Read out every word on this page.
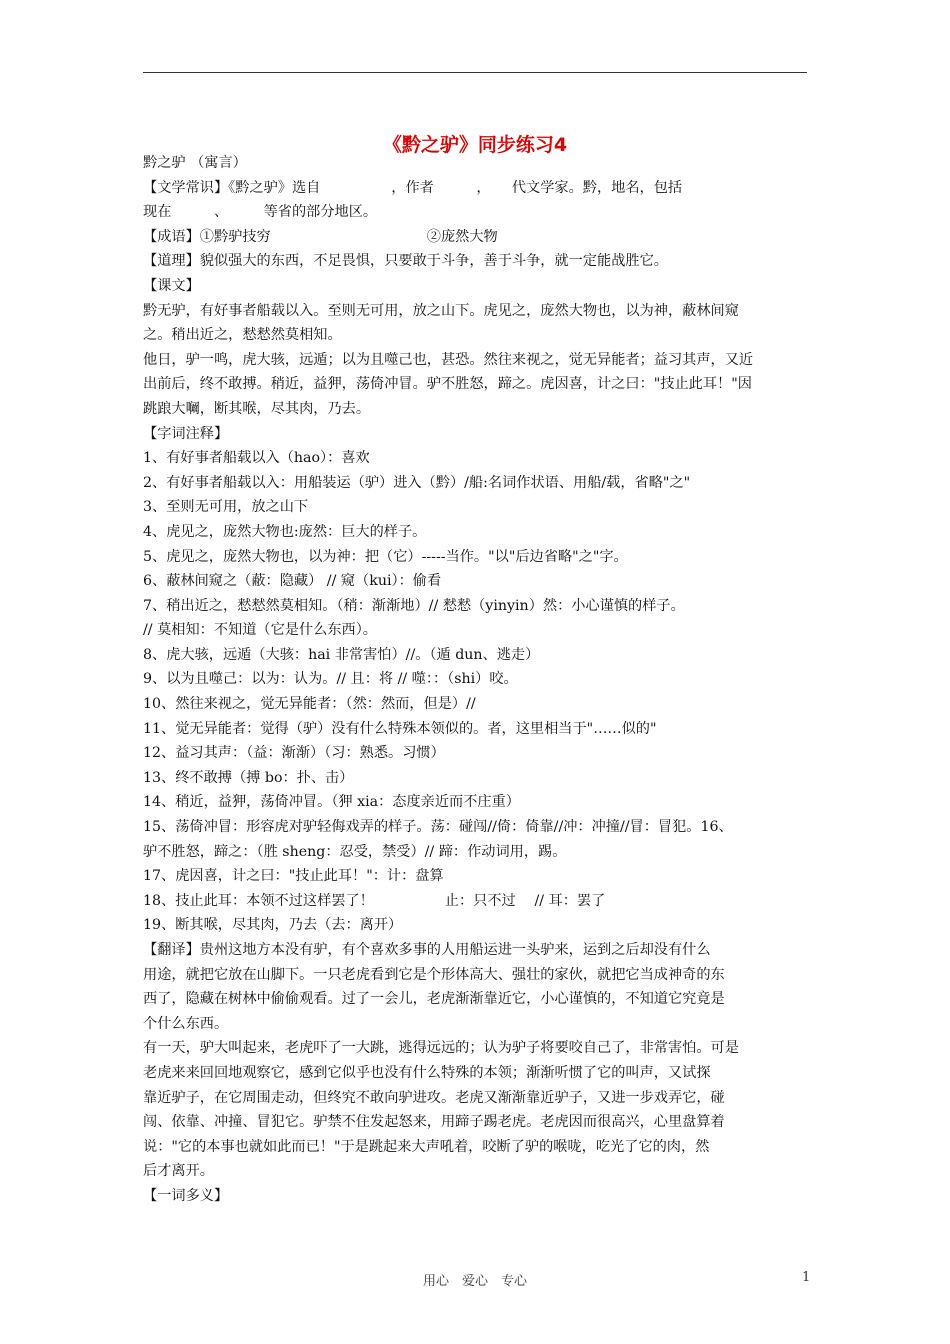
《黔之驴》同步练习4
黔之驴 （寓言）
【文学常识】《黔之驴》选自　　　　　，作者　　　，　　代文学家。黔，地名，包括
现在　　　、　　　等省的部分地区。
【成语】①黔驴技穷　　　　　　　　　　　②庞然大物
【道理】貌似强大的东西，不足畏惧，只要敢于斗争，善于斗争，就一定能战胜它。
【课文】
黔无驴，有好事者船载以入。至则无可用，放之山下。虎见之，庞然大物也，以为神，蔽林间窥
之。稍出近之，慭慭然莫相知。
他日，驴一鸣，虎大骇，远遁；以为且噬己也，甚恐。然往来视之，觉无异能者；益习其声，又近
出前后，终不敢搏。稍近，益狎，荡倚冲冒。驴不胜怒，蹄之。虎因喜，计之曰："技止此耳！"因
跳踉大㘎，断其喉，尽其肉，乃去。
【字词注释】
1、有好事者船载以入（hao）：喜欢
2、有好事者船载以入：用船装运（驴）进入（黔）/船:名词作状语、用船/载，省略"之"
3、至则无可用，放之山下
4、虎见之，庞然大物也:庞然：巨大的样子。
5、虎见之，庞然大物也，以为神：把（它）-----当作。"以"后边省略"之"字。
6、蔽林间窥之（蔽：隐藏） // 窥（kui）：偷看
7、稍出近之，慭慭然莫相知。（稍：渐渐地）// 慭慭（yinyin）然：小心谨慎的样子。
// 莫相知：不知道（它是什么东西）。
8、虎大骇，远遁（大骇：hai 非常害怕）//。（遁 dun、逃走）
9、以为且噬己：以为：认为。// 且：将 // 噬：：（shi）咬。
10、然往来视之，觉无异能者：（然：然而，但是）//
11、觉无异能者：觉得（驴）没有什么特殊本领似的。者，这里相当于"……似的"
12、益习其声：（益：渐渐）（习：熟悉。习惯）
13、终不敢搏（搏 bo：扑、击）
14、稍近，益狎，荡倚冲冒。（狎 xia：态度亲近而不庄重）
15、荡倚冲冒：形容虎对驴轻侮戏弄的样子。荡：碰闯//倚：倚靠//冲：冲撞//冒：冒犯。16、
驴不胜怒，蹄之：（胜 sheng：忍受，禁受）// 蹄：作动词用，踢。
17、虎因喜，计之曰："技止此耳！"：计：盘算
18、技止此耳：本领不过这样罢了！　　　　　止：只不过　 // 耳：罢了
19、断其喉，尽其肉，乃去（去：离开）
【翻译】贵州这地方本没有驴，有个喜欢多事的人用船运进一头驴来，运到之后却没有什么
用途，就把它放在山脚下。一只老虎看到它是个形体高大、强壮的家伙，就把它当成神奇的东
西了，隐藏在树林中偷偷观看。过了一会儿，老虎渐渐靠近它，小心谨慎的，不知道它究竟是
个什么东西。
有一天，驴大叫起来，老虎吓了一大跳，逃得远远的；认为驴子将要咬自己了，非常害怕。可是
老虎来来回回地观察它，感到它似乎也没有什么特殊的本领；渐渐听惯了它的叫声，又试探
靠近驴子，在它周围走动，但终究不敢向驴进攻。老虎又渐渐靠近驴子，又进一步戏弄它，碰
闯、依靠、冲撞、冒犯它。驴禁不住发起怒来，用蹄子踢老虎。老虎因而很高兴，心里盘算着
说："它的本事也就如此而已！"于是跳起来大声吼着，咬断了驴的喉咙，吃光了它的肉，然
后才离开。
【一词多义】
用心　爱心　专心	1
